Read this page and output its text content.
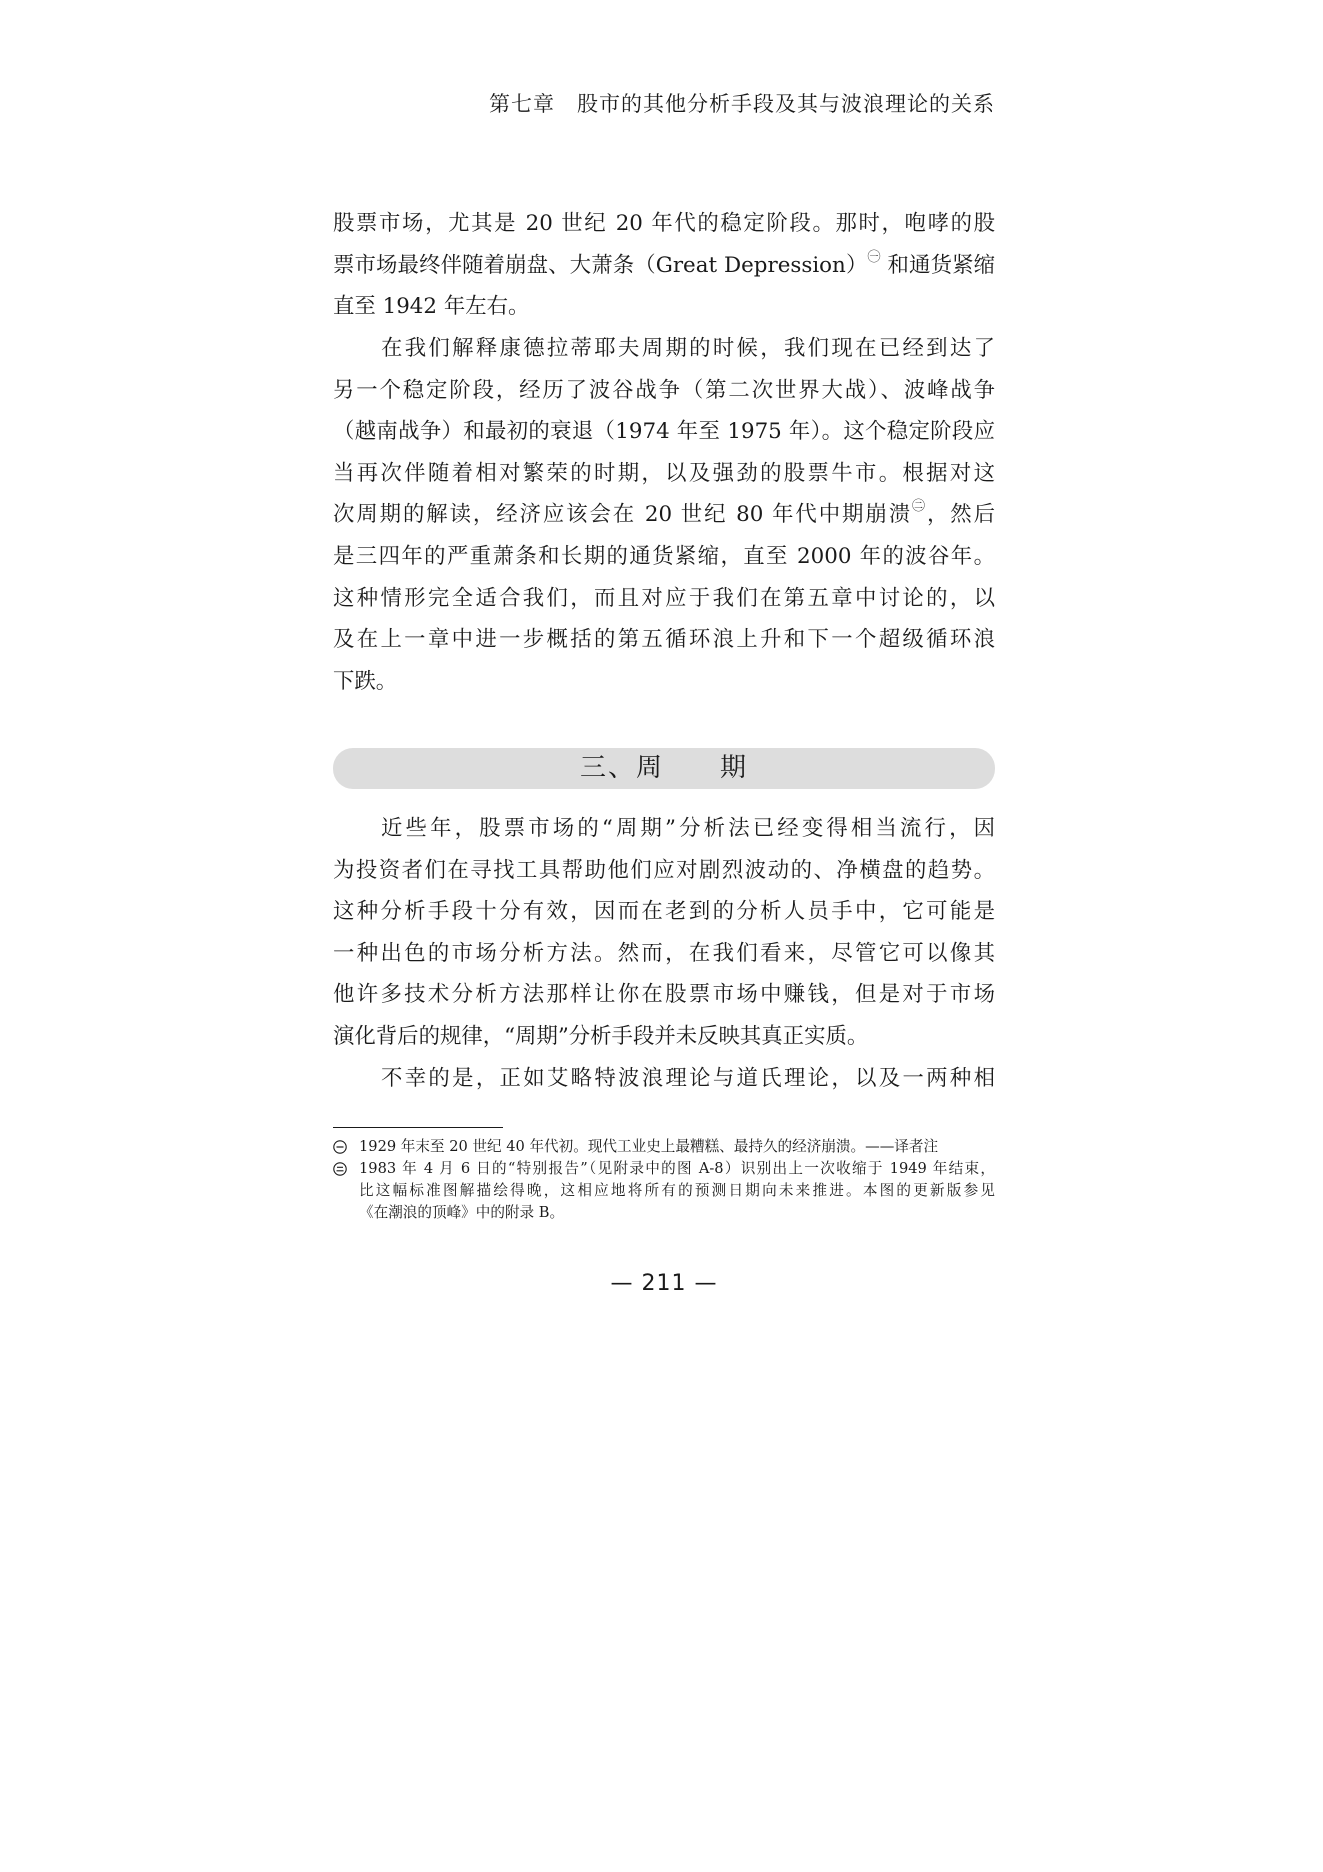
第七章　股市的其他分析手段及其与波浪理论的关系
股票市场，尤其是 20 世纪 20 年代的稳定阶段。那时，咆哮的股
票市场最终伴随着崩盘、大萧条（Great Depression）$^㊀$ 和通货紧缩
直至 1942 年左右。
在我们解释康德拉蒂耶夫周期的时候，我们现在已经到达了
另一个稳定阶段，经历了波谷战争（第二次世界大战）、波峰战争
（越南战争）和最初的衰退（1974 年至 1975 年）。这个稳定阶段应
当再次伴随着相对繁荣的时期，以及强劲的股票牛市。根据对这
次周期的解读，经济应该会在 20 世纪 80 年代中期崩溃$^㊁$，然后
是三四年的严重萧条和长期的通货紧缩，直至 2000 年的波谷年。
这种情形完全适合我们，而且对应于我们在第五章中讨论的，以
及在上一章中进一步概括的第五循环浪上升和下一个超级循环浪
下跌。
三、周　　期
近些年，股票市场的“周期”分析法已经变得相当流行，因
为投资者们在寻找工具帮助他们应对剧烈波动的、净横盘的趋势。
这种分析手段十分有效，因而在老到的分析人员手中，它可能是
一种出色的市场分析方法。然而，在我们看来，尽管它可以像其
他许多技术分析方法那样让你在股票市场中赚钱，但是对于市场
演化背后的规律，“周期”分析手段并未反映其真正实质。
不幸的是，正如艾略特波浪理论与道氏理论，以及一两种相
1929 年末至 20 世纪 40 年代初。现代工业史上最糟糕、最持久的经济崩溃。——译者注
1983 年 4 月 6 日的“特别报告”（见附录中的图 A-8）识别出上一次收缩于 1949 年结束，
比这幅标准图解描绘得晚，这相应地将所有的预测日期向未来推进。本图的更新版参见
《在潮浪的顶峰》中的附录 B。
— 211 —
